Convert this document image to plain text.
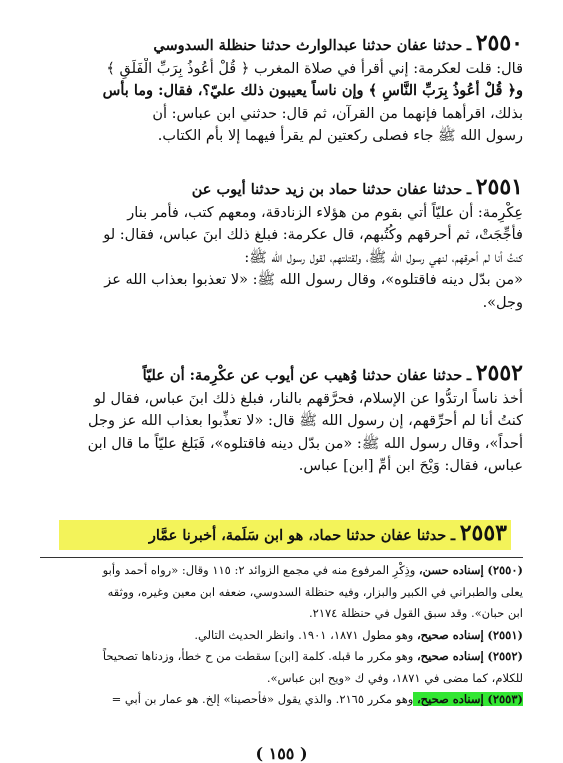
٢٥٥٠ ـ حدثنا عفان حدثنا عبدالوارث حدثنا حنظلة السدوسي
قال: قلت لعكرمة: إني أقرأ في صلاة المغرب ﴿ قُلْ أَعُوذُ بِرَبِّ الْفَلَقِ ﴾
و﴿ قُلْ أَعُوذُ بِرَبِّ النَّاسِ ﴾ وإن ناساً يعيبون ذلك عليّ؟، فقال: وما بأس
بذلك، اقرأهما فإنهما من القرآن، ثم قال: حدثني ابن عباس: أن
رسول الله ﷺ جاء فصلى ركعتين لم يقرأ فيهما إلا بأم الكتاب.
٢٥٥١ ـ حدثنا عفان حدثنا حماد بن زيد حدثنا أيوب عن
عِكْرِمة: أن عليّاً أُتي بقوم من هؤلاء الزنادقة، ومعهم كتب، فأمر بنار
فأُجِّجَتْ، ثم أحرقهم وكُتُبهم، قال عكرمة: فبلغ ذلك ابنَ عباس، فقال: لو
كنتُ أنا لم أحرقهم، لنهي رسول الله ﷺ، ولقتلتهم، لقول رسول الله ﷺ:
«من بدّل دينه فاقتلوه»، وقال رسول الله ﷺ: «لا تعذبوا بعذاب الله عز
وجل».
٢٥٥٢ ـ حدثنا عفان حدثنا وُهيب عن أيوب عن عكْرِمة: أن عليّاً
أخذ ناساً ارتدُّوا عن الإسلام، فحرَّقهم بالنار، فبلغ ذلك ابنَ عباس، فقال لو
كنتُ أنا لم أُحرِّقهم، إن رسول الله ﷺ قال: «لا تعذِّبوا بعذاب الله عز وجل
أحداً»، وقال رسول الله ﷺ: «من بدّل دينه فاقتلوه»، فَبَلغ عليّاً ما قال ابن
عباس، فقال: وَيْحَ ابن أمِّ [ابن] عباس.
٢٥٥٣ ـ حدثنا عفان حدثنا حماد، هو ابن سَلَمة، أخبرنا عمَّار
(٢٥٥٠) إسناده حسن، وذِكْرِ المرفوع منه في مجمع الزوائد ٢: ١١٥ وقال: «رواه أحمد وأبو
يعلى والطبراني في الكبير والبزار، وفيه حنظلة السدوسي، ضعفه ابن معين وغيره، ووثقه
ابن حبان». وقد سبق القول في حنظلة ٢١٧٤.
(٢٥٥١) إسناده صحيح، وهو مطول ١٨٧١، ١٩٠١. وانظر الحديث التالي.
(٢٥٥٢) إسناده صحيح، وهو مكرر ما قبله. كلمة [ابن] سقطت من ح خطأ، وزدناها تصحيحاً
للكلام، كما مضى في ١٨٧١، وفي ك «ويح ابن عباس».
(٢٥٥٣) إسناده صحيح، وهو مكرر ٢١٦٥. والذي يقول «فأحصينا» إلخ. هو عمار بن أبي =
( ١٥٥ )
